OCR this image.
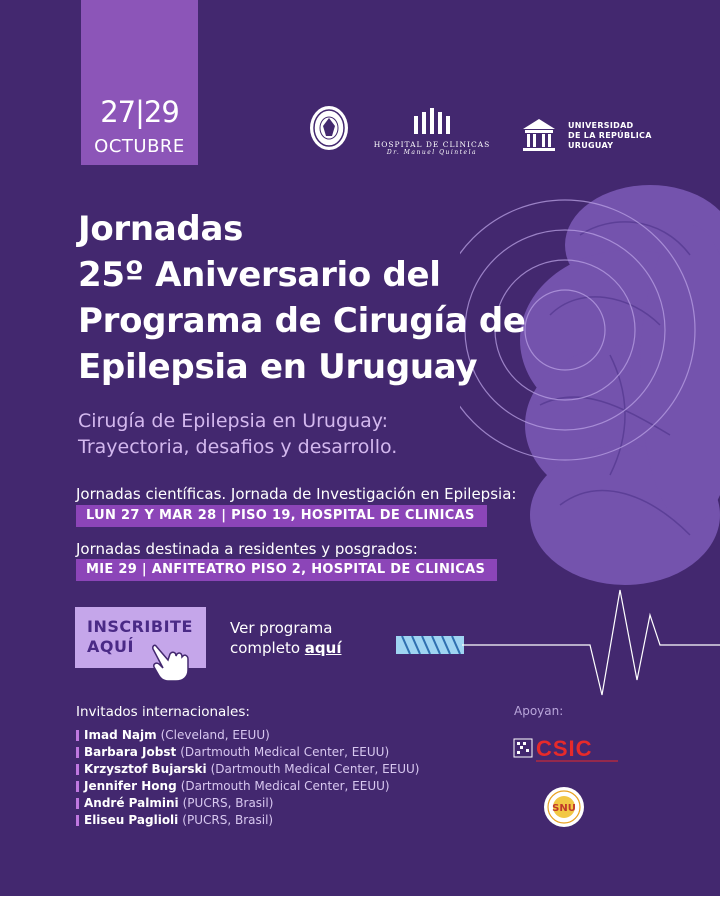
27|29
OCTUBRE	HOSPITAL DE CLINICAS
Dr. Manuel Quintela
UNIVERSIDAD
DE LA REPÚBLICA
URUGUAY
Jornadas
25º Aniversario del
Programa de Cirugía de
Epilepsia en Uruguay
Cirugía de Epilepsia en Uruguay:
Trayectoria, desafios y desarrollo.
Jornadas científicas. Jornada de Investigación en Epilepsia:
LUN 27 Y MAR 28 | PISO 19, HOSPITAL DE CLINICAS
Jornadas destinada a residentes y posgrados:
MIE 29 | ANFITEATRO PISO 2, HOSPITAL DE CLINICAS
INSCRIBITE
AQUÍ
Ver programa
completo aquí
Invitados internacionales:
Imad Najm (Cleveland, EEUU)
Barbara Jobst (Dartmouth Medical Center, EEUU)
Krzysztof Bujarski (Dartmouth Medical Center, EEUU)
Jennifer Hong (Dartmouth Medical Center, EEUU)
André Palmini (PUCRS, Brasil)
Eliseu Paglioli (PUCRS, Brasil)
Apoyan:
CSIC
SNU
